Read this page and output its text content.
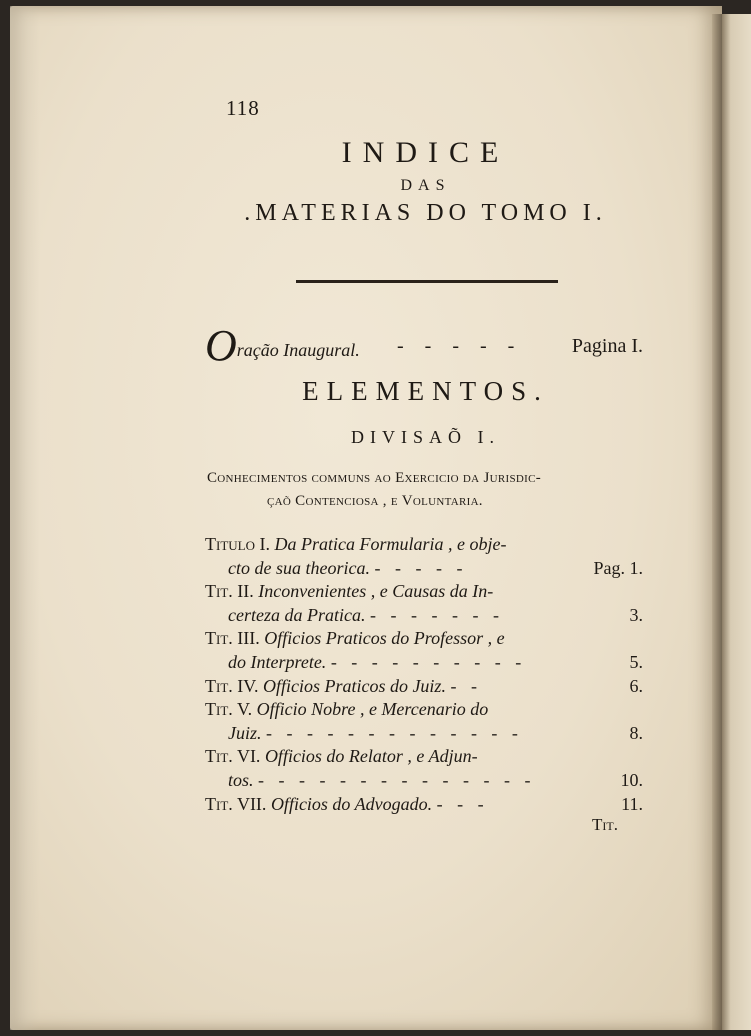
118
INDICE
DAS
.MATERIAS DO TOMO I.
Oração Inaugural. - - - - - Pagina I.
ELEMENTOS.
DIVISAÕ I.
Conhecimentos communs ao Exercicio da Jurisdic-
çaõ Contenciosa , e Voluntaria.
Titulo I. Da Pratica Formularia , e obje-
cto de sua theorica. - - - - -	Pag. 1.
Tit. II. Inconvenientes , e Causas da In-
certeza da Pratica. - - - - - - -	3.
Tit. III. Officios Praticos do Professor , e
do Interprete. - - - - - - - - - -	5.
Tit. IV. Officios Praticos do Juiz. - -	6.
Tit. V. Officio Nobre , e Mercenario do
Juiz. - - - - - - - - - - - - -	8.
Tit. VI. Officios do Relator , e Adjun-
tos. - - - - - - - - - - - - - -	10.
Tit. VII. Officios do Advogado. - - -	11.
Tit.
